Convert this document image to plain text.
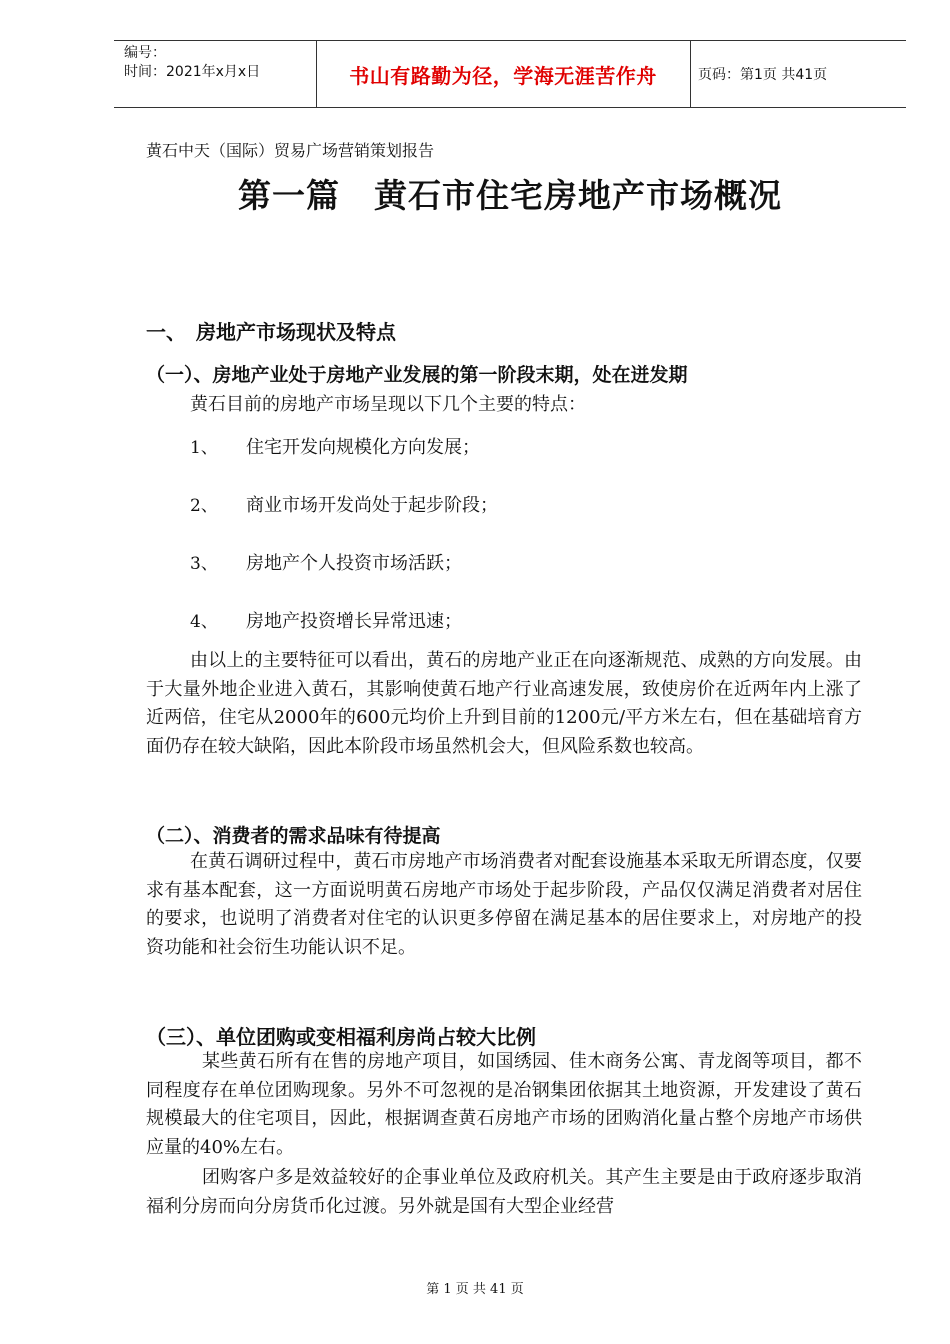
编号：
时间：2021年x月x日	书山有路勤为径，学海无涯苦作舟	页码：第1页 共41页
黄石中天（国际）贸易广场营销策划报告
第一篇　黄石市住宅房地产市场概况
一、　房地产市场现状及特点
（一）、房地产业处于房地产业发展的第一阶段末期，处在迸发期
黄石目前的房地产市场呈现以下几个主要的特点：
1、 住宅开发向规模化方向发展；
2、 商业市场开发尚处于起步阶段；
3、 房地产个人投资市场活跃；
4、 房地产投资增长异常迅速；
由以上的主要特征可以看出，黄石的房地产业正在向逐渐规范、成熟的方向发展。由于大量外地企业进入黄石，其影响使黄石地产行业高速发展，致使房价在近两年内上涨了近两倍，住宅从2000年的600元均价上升到目前的1200元/平方米左右，但在基础培育方面仍存在较大缺陷，因此本阶段市场虽然机会大，但风险系数也较高。
（二）、消费者的需求品味有待提高
在黄石调研过程中，黄石市房地产市场消费者对配套设施基本采取无所谓态度，仅要求有基本配套，这一方面说明黄石房地产市场处于起步阶段，产品仅仅满足消费者对居住的要求，也说明了消费者对住宅的认识更多停留在满足基本的居住要求上，对房地产的投资功能和社会衍生功能认识不足。
（三）、单位团购或变相福利房尚占较大比例
某些黄石所有在售的房地产项目，如国绣园、佳木商务公寓、青龙阁等项目，都不同程度存在单位团购现象。另外不可忽视的是冶钢集团依据其土地资源，开发建设了黄石规模最大的住宅项目，因此，根据调查黄石房地产市场的团购消化量占整个房地产市场供应量的40%左右。
团购客户多是效益较好的企事业单位及政府机关。其产生主要是由于政府逐步取消福利分房而向分房货币化过渡。另外就是国有大型企业经营
第 1 页 共 41 页
